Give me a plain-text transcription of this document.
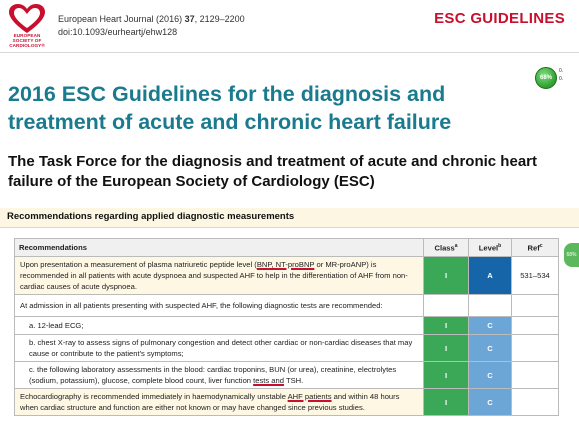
EUROPEAN
SOCIETY OF
CARDIOLOGY®
European Heart Journal (2016) 37, 2129–2200
doi:10.1093/eurheartj/ehw128
ESC GUIDELINES
68%
0.
0.
2016 ESC Guidelines for the diagnosis and treatment of acute and chronic heart failure
The Task Force for the diagnosis and treatment of acute and chronic heart failure of the European Society of Cardiology (ESC)
Recommendations regarding applied diagnostic measurements
68%
Recommendations	Class$^a$	Level$^b$	Ref$^c$
Upon presentation a measurement of plasma natriuretic peptide level (BNP, NT-proBNP or MR-proANP) is recommended in all patients with acute dyspnoea and suspected AHF to help in the differentiation of AHF from non-cardiac causes of acute dyspnoea.	I	A	531–534
At admission in all patients presenting with suspected AHF, the following diagnostic tests are recommended:			
a. 12-lead ECG;	I	C	
b. chest X-ray to assess signs of pulmonary congestion and detect other cardiac or non-cardiac diseases that may cause or contribute to the patient's symptoms;	I	C	
c. the following laboratory assessments in the blood: cardiac troponins, BUN (or urea), creatinine, electrolytes (sodium, potassium), glucose, complete blood count, liver function tests and TSH.	I	C	
Echocardiography is recommended immediately in haemodynamically unstable AHF patients and within 48 hours when cardiac structure and function are either not known or may have changed since previous studies.	I	C	
